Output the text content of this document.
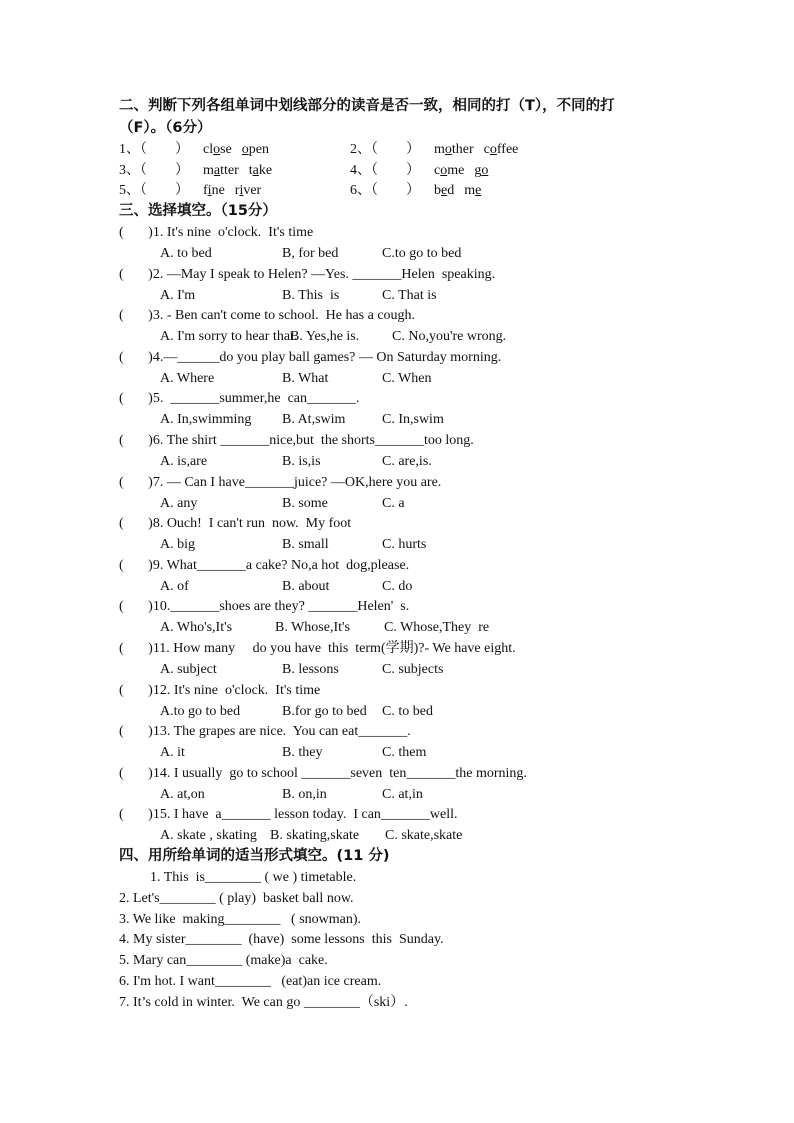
二、判断下列各组单词中划线部分的读音是否一致，相同的打（T），不同的打
（F）。（6分）
1、（        ） close open	2、（        ） mother coffee
3、（        ） matter take	4、（        ） come go
5、（        ） fine river	6、（        ） bed me
三、选择填空。（15分）
(       )1. It's nine  o'clock.  It's time
A. to bed	B, for bed	C.to go to bed
(       )2. —May I speak to Helen? —Yes. _______Helen  speaking.
A. I'm	B. This  is	C. That is
(       )3. - Ben can't come to school.  He has a cough.
A. I'm sorry to hear that.
B. Yes,he is. C. No,you're wrong.
(       )4.—______do you play ball games? — On Saturday morning.
A. Where	B. What	C. When
(       )5.  _______summer,he  can_______.
A. In,swimming B. At,swim	C. In,swim
(       )6. The shirt _______nice,but  the shorts_______too long.
A. is,are	B. is,is	C. are,is.
(       )7. — Can I have_______juice? —OK,here you are.
A. any	B. some	C. a
(       )8. Ouch!  I can't run  now.  My foot
A. big	B. small	C. hurts
(       )9. What_______a cake? No,a hot  dog,please.
A. of	B. about	C. do
(       )10._______shoes are they? _______Helen'  s.
A. Who's,It's	B. Whose,It's C. Whose,They  re
(       )11. How many     do you have  this  term(学期)?- We have eight.
A. subject	B. lessons	C. subjects
(       )12. It's nine  o'clock.  It's time
A.to go to bed	B.for go to bed C. to bed
(       )13. The grapes are nice.  You can eat_______.
A. it	B. they	C. them
(       )14. I usually  go to school _______seven  ten_______the morning.
A. at,on	B. on,in	C. at,in
(       )15. I have  a_______ lesson today.  I can_______well.
A. skate , skating B. skating,skate C. skate,skate
四、用所给单词的适当形式填空。(11 分)
1. This  is________ ( we ) timetable.
2. Let's________ ( play)  basket ball now.
3. We like  making________   ( snowman).
4. My sister________  (have)  some lessons  this  Sunday.
5. Mary can________ (make)a  cake.
6. I'm hot. I want________   (eat)an ice cream.
7. It’s cold in winter.  We can go ________（ski）.
